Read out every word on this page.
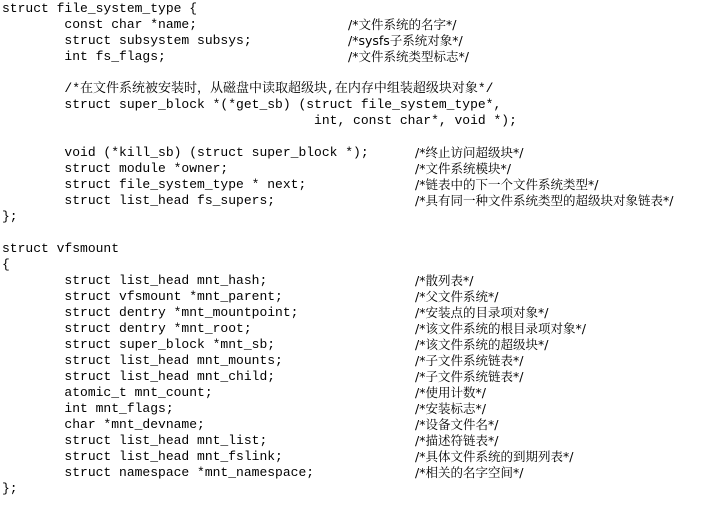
struct file_system_type {
const char *name;	/*文件系统的名字*/
struct subsystem subsys;	/*sysfs子系统对象*/
int fs_flags;	/*文件系统类型标志*/
/*在文件系统被安装时，从磁盘中读取超级块,在内存中组装超级块对象*/
struct super_block *(*get_sb) (struct file_system_type*,
int, const char*, void *);
void (*kill_sb) (struct super_block *);	/*终止访问超级块*/
struct module *owner;	/*文件系统模块*/
struct file_system_type * next;	/*链表中的下一个文件系统类型*/
struct list_head fs_supers;	/*具有同一种文件系统类型的超级块对象链表*/
};
struct vfsmount
{
struct list_head mnt_hash;	/*散列表*/
struct vfsmount *mnt_parent;	/*父文件系统*/
struct dentry *mnt_mountpoint;	/*安装点的目录项对象*/
struct dentry *mnt_root;	/*该文件系统的根目录项对象*/
struct super_block *mnt_sb;	/*该文件系统的超级块*/
struct list_head mnt_mounts;	/*子文件系统链表*/
struct list_head mnt_child;	/*子文件系统链表*/
atomic_t mnt_count;	/*使用计数*/
int mnt_flags;	/*安装标志*/
char *mnt_devname;	/*设备文件名*/
struct list_head mnt_list;	/*描述符链表*/
struct list_head mnt_fslink;	/*具体文件系统的到期列表*/
struct namespace *mnt_namespace;	/*相关的名字空间*/
};
